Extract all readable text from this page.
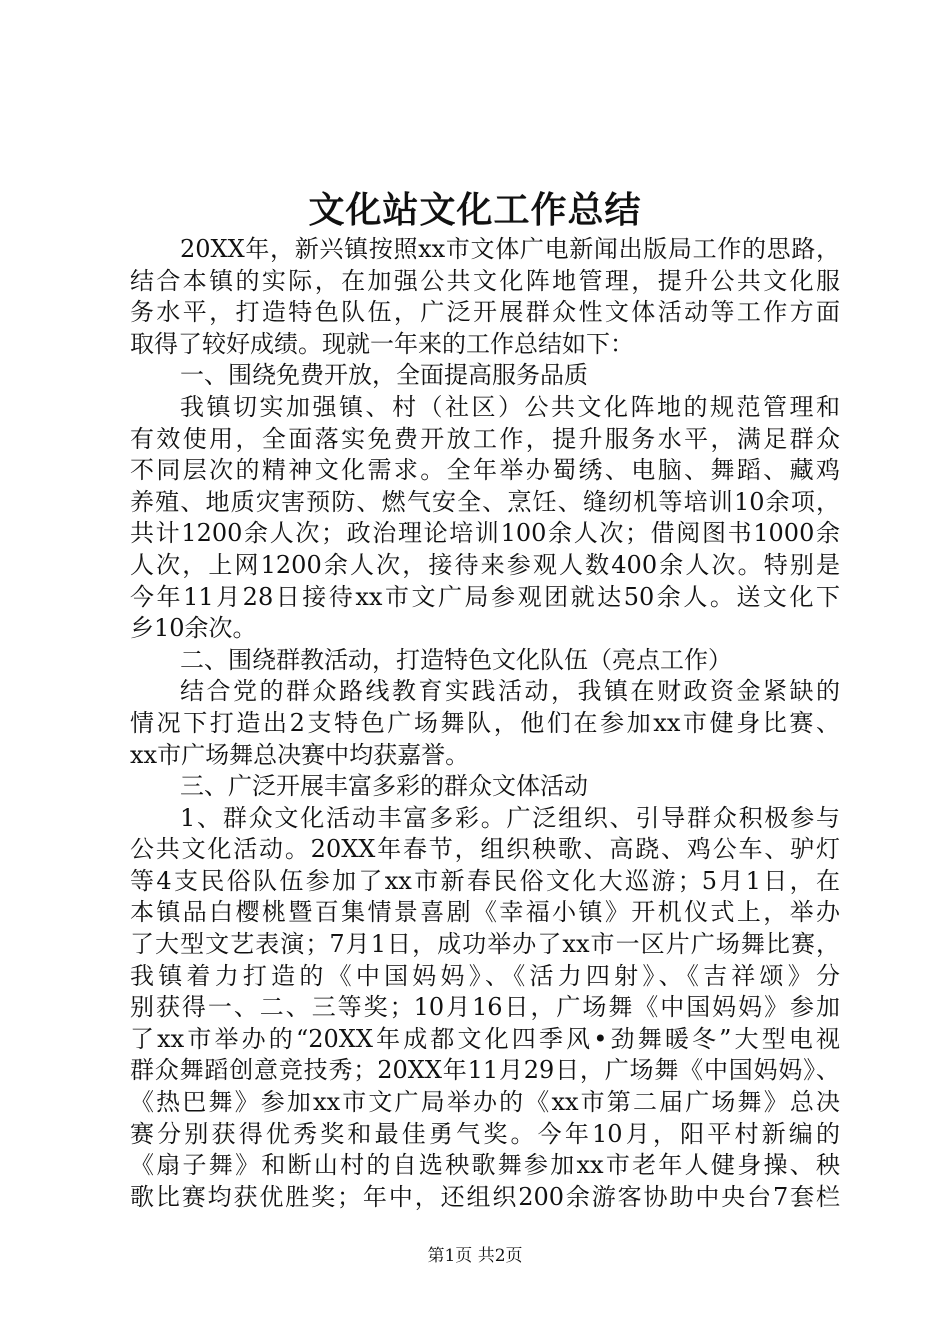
文化站文化工作总结
20XX年，新兴镇按照xx市文体广电新闻出版局工作的思路，
结合本镇的实际，在加强公共文化阵地管理，提升公共文化服
务水平，打造特色队伍，广泛开展群众性文体活动等工作方面
取得了较好成绩。现就一年来的工作总结如下：
一、围绕免费开放，全面提高服务品质
我镇切实加强镇、村（社区）公共文化阵地的规范管理和
有效使用，全面落实免费开放工作，提升服务水平，满足群众
不同层次的精神文化需求。全年举办蜀绣、电脑、舞蹈、藏鸡
养殖、地质灾害预防、燃气安全、烹饪、缝纫机等培训10余项，
共计1200余人次；政治理论培训100余人次；借阅图书1000余
人次，上网1200余人次，接待来参观人数400余人次。特别是
今年11月28日接待xx市文广局参观团就达50余人。送文化下
乡10余次。
二、围绕群教活动，打造特色文化队伍（亮点工作）
结合党的群众路线教育实践活动，我镇在财政资金紧缺的
情况下打造出2支特色广场舞队，他们在参加xx市健身比赛、
xx市广场舞总决赛中均获嘉誉。
三、广泛开展丰富多彩的群众文体活动
1、群众文化活动丰富多彩。广泛组织、引导群众积极参与
公共文化活动。20XX年春节，组织秧歌、高跷、鸡公车、驴灯
等4支民俗队伍参加了xx市新春民俗文化大巡游；5月1日，在
本镇品白樱桃暨百集情景喜剧《幸福小镇》开机仪式上，举办
了大型文艺表演；7月1日，成功举办了xx市一区片广场舞比赛，
我镇着力打造的《中国妈妈》、《活力四射》、《吉祥颂》分
别获得一、二、三等奖；10月16日，广场舞《中国妈妈》参加
了xx市举办的“20XX年成都文化四季风•劲舞暖冬”大型电视
群众舞蹈创意竞技秀；20XX年11月29日，广场舞《中国妈妈》、
《热巴舞》参加xx市文广局举办的《xx市第二届广场舞》总决
赛分别获得优秀奖和最佳勇气奖。今年10月，阳平村新编的
《扇子舞》和断山村的自选秧歌舞参加xx市老年人健身操、秧
歌比赛均获优胜奖；年中，还组织200余游客协助中央台7套栏
第1页 共2页
